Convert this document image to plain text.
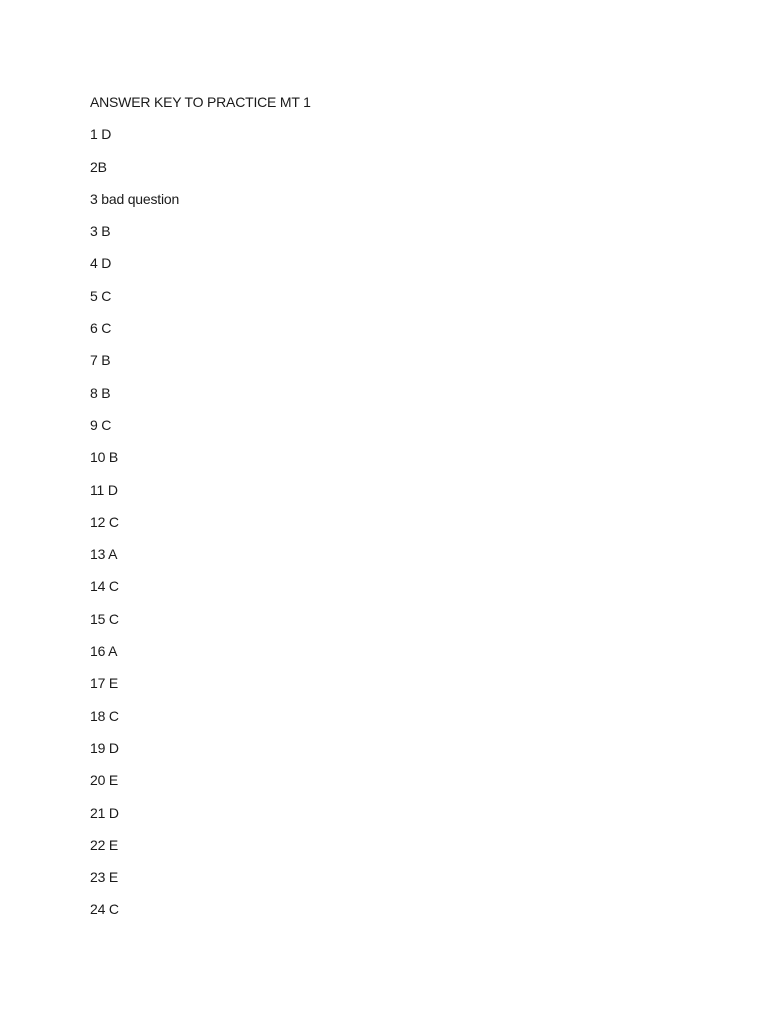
ANSWER KEY TO PRACTICE MT 1
1 D
2B
3 bad question
3 B
4 D
5 C
6 C
7 B
8 B
9 C
10 B
11 D
12 C
13 A
14 C
15 C
16 A
17 E
18 C
19 D
20 E
21 D
22 E
23 E
24 C
